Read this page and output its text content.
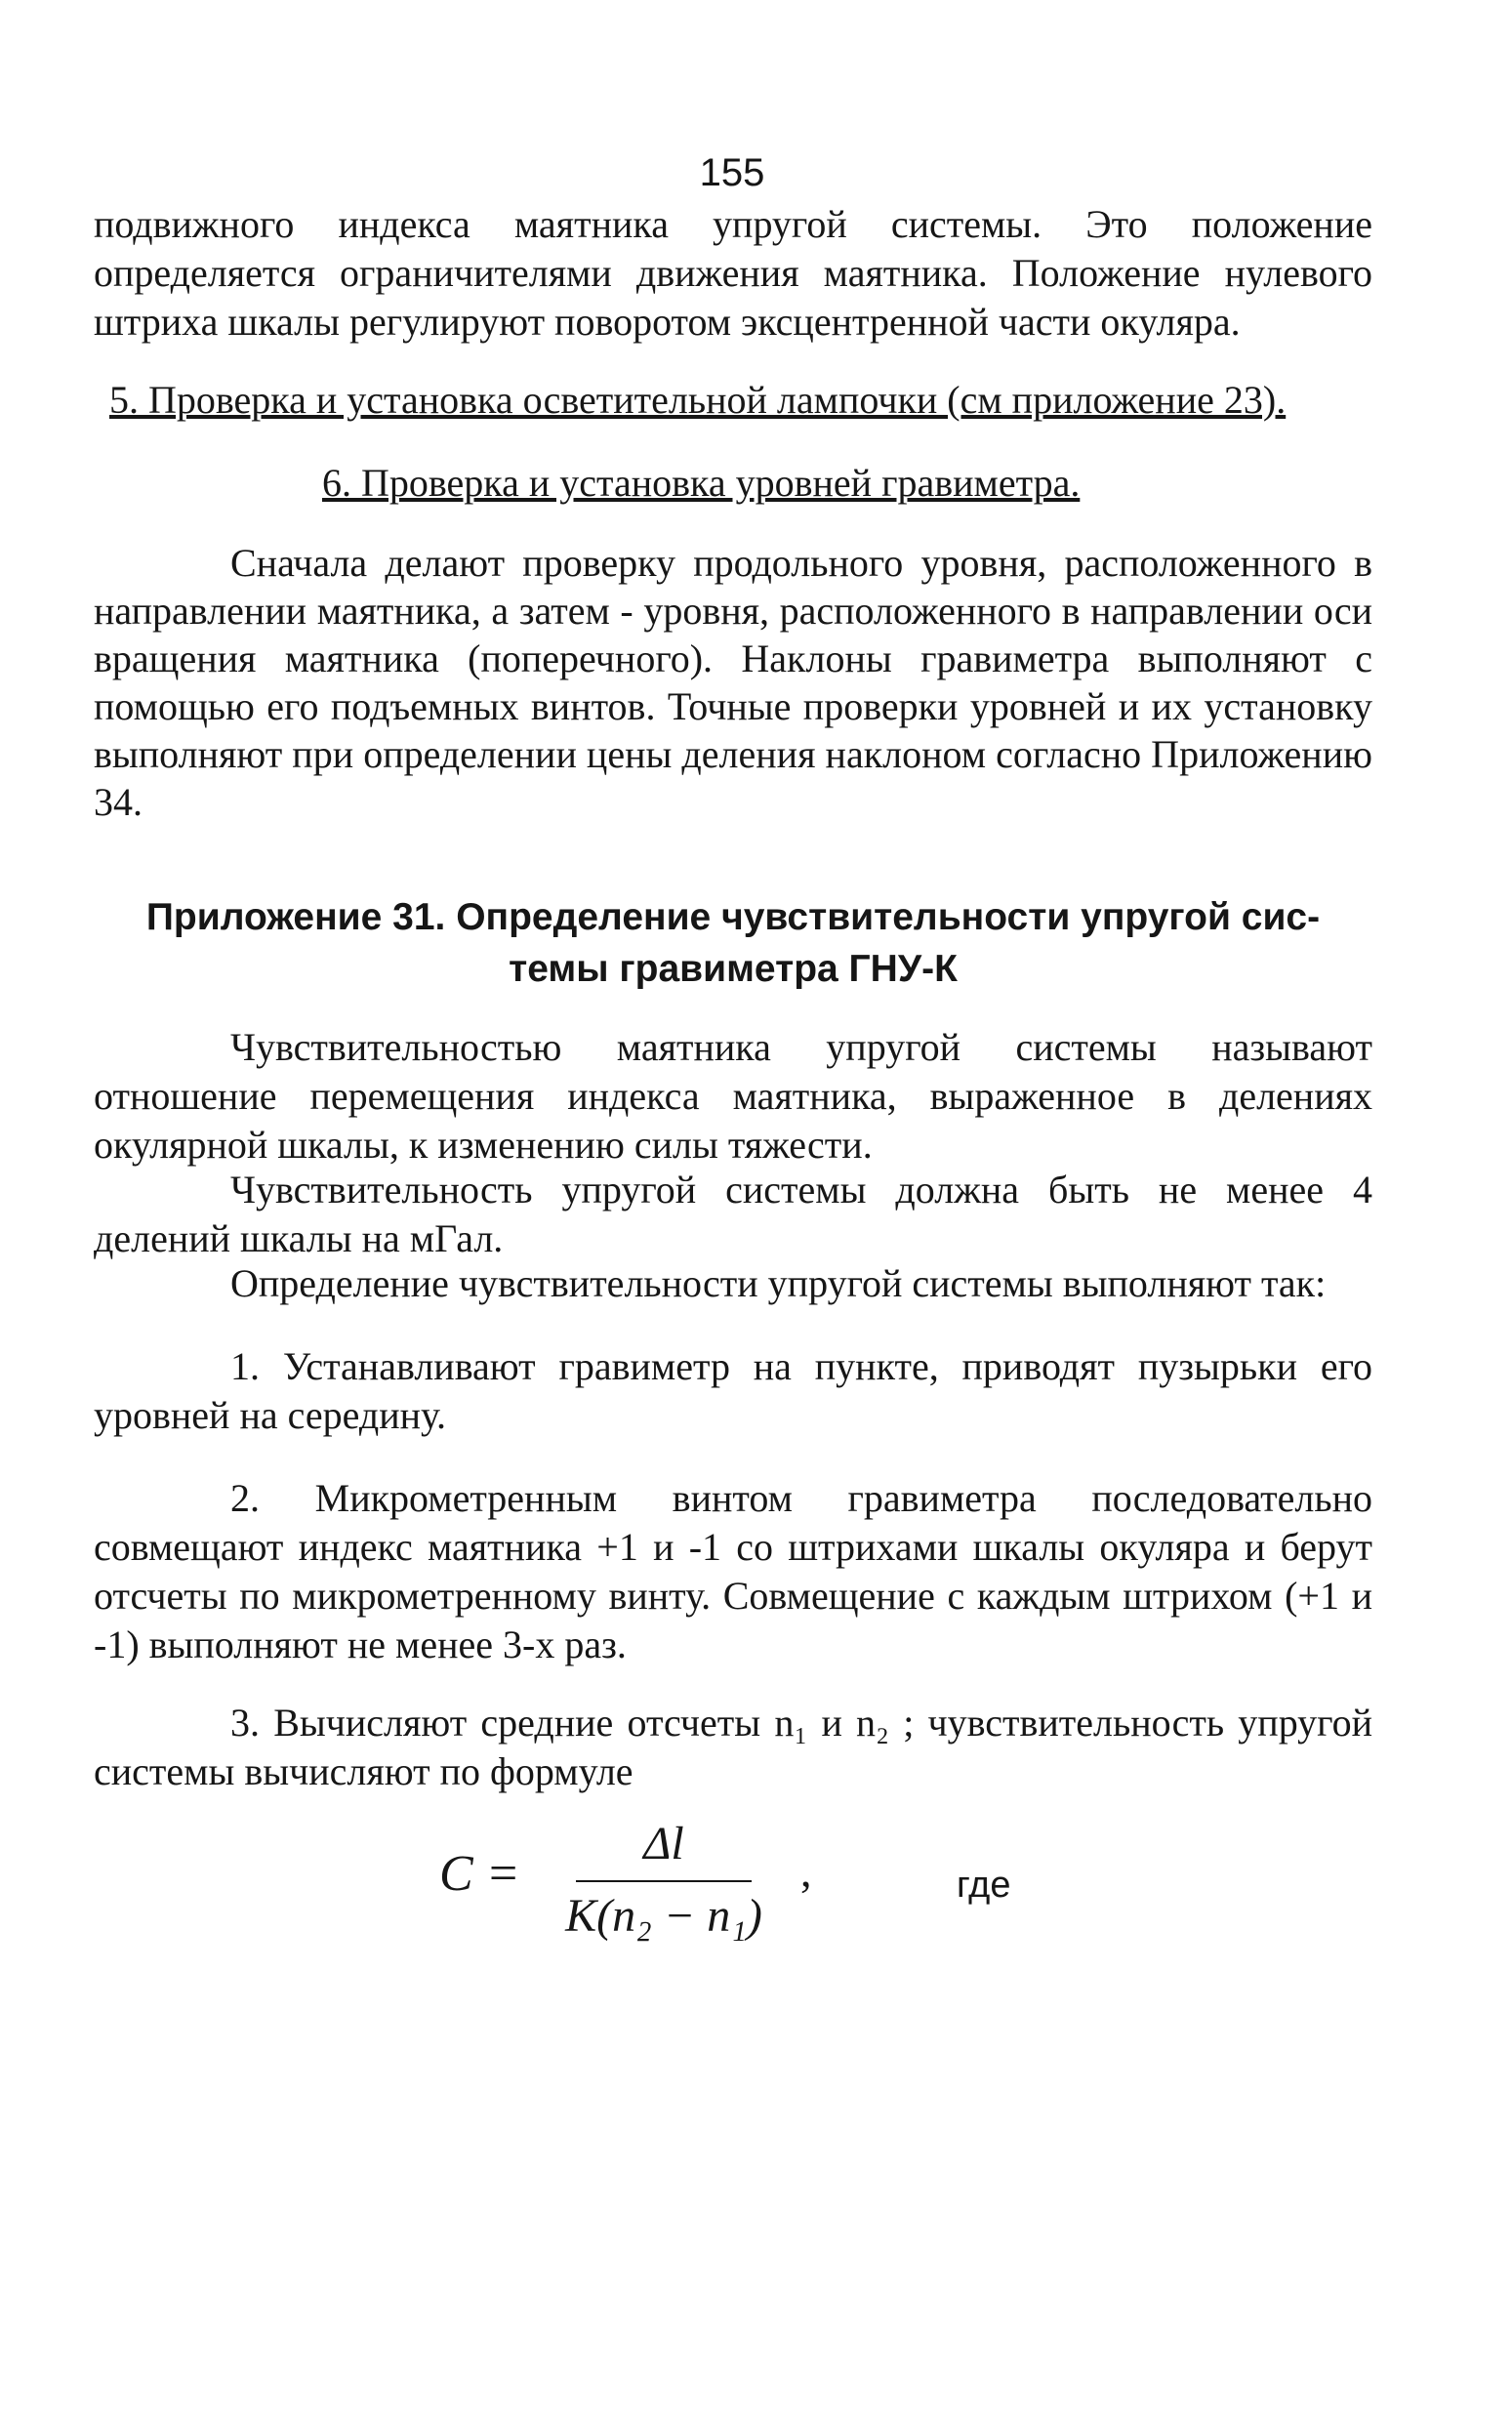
155

подвижного индекса маятника упругой системы. Это положение определяется ограничителями движения маятника. Положение нулевого штриха шкалы регулируют поворотом эксцентренной части окуляра.

5. Проверка и установка осветительной лампочки (см приложение 23).
6. Проверка и установка уровней гравиметра.

Сначала делают проверку продольного уровня, расположенного в направлении маятника, а затем - уровня, расположенного в направлении оси вращения маятника (поперечного). Наклоны гравиметра выполняют с помощью его подъемных винтов. Точные проверки уровней и их установку выполняют при определении цены деления наклоном согласно Приложению 34.

Приложение 31. Определение чувствительности упругой сис-
темы гравиметра ГНУ-К

Чувствительностью маятника упругой системы называют отношение перемещения индекса маятника, выраженное в делениях окулярной шкалы, к изменению силы тяжести.

Чувствительность упругой системы должна быть не менее 4 делений шкалы на мГал.

Определение чувствительности упругой системы выполняют так:

1. Устанавливают гравиметр на пункте, приводят пузырьки его уровней на середину.

2. Микрометренным винтом гравиметра последовательно совмещают индекс маятника +1 и -1 со штрихами шкалы окуляра и берут отсчеты по микрометренному винту. Совмещение с каждым штрихом (+1 и -1) выполняют не менее 3-х раз.

3. Вычисляют средние отсчеты n₁ и n₂ ; чувствительность упругой системы вычисляют по формуле

C =
Δl
K(n₂ − n₁)
,	где
